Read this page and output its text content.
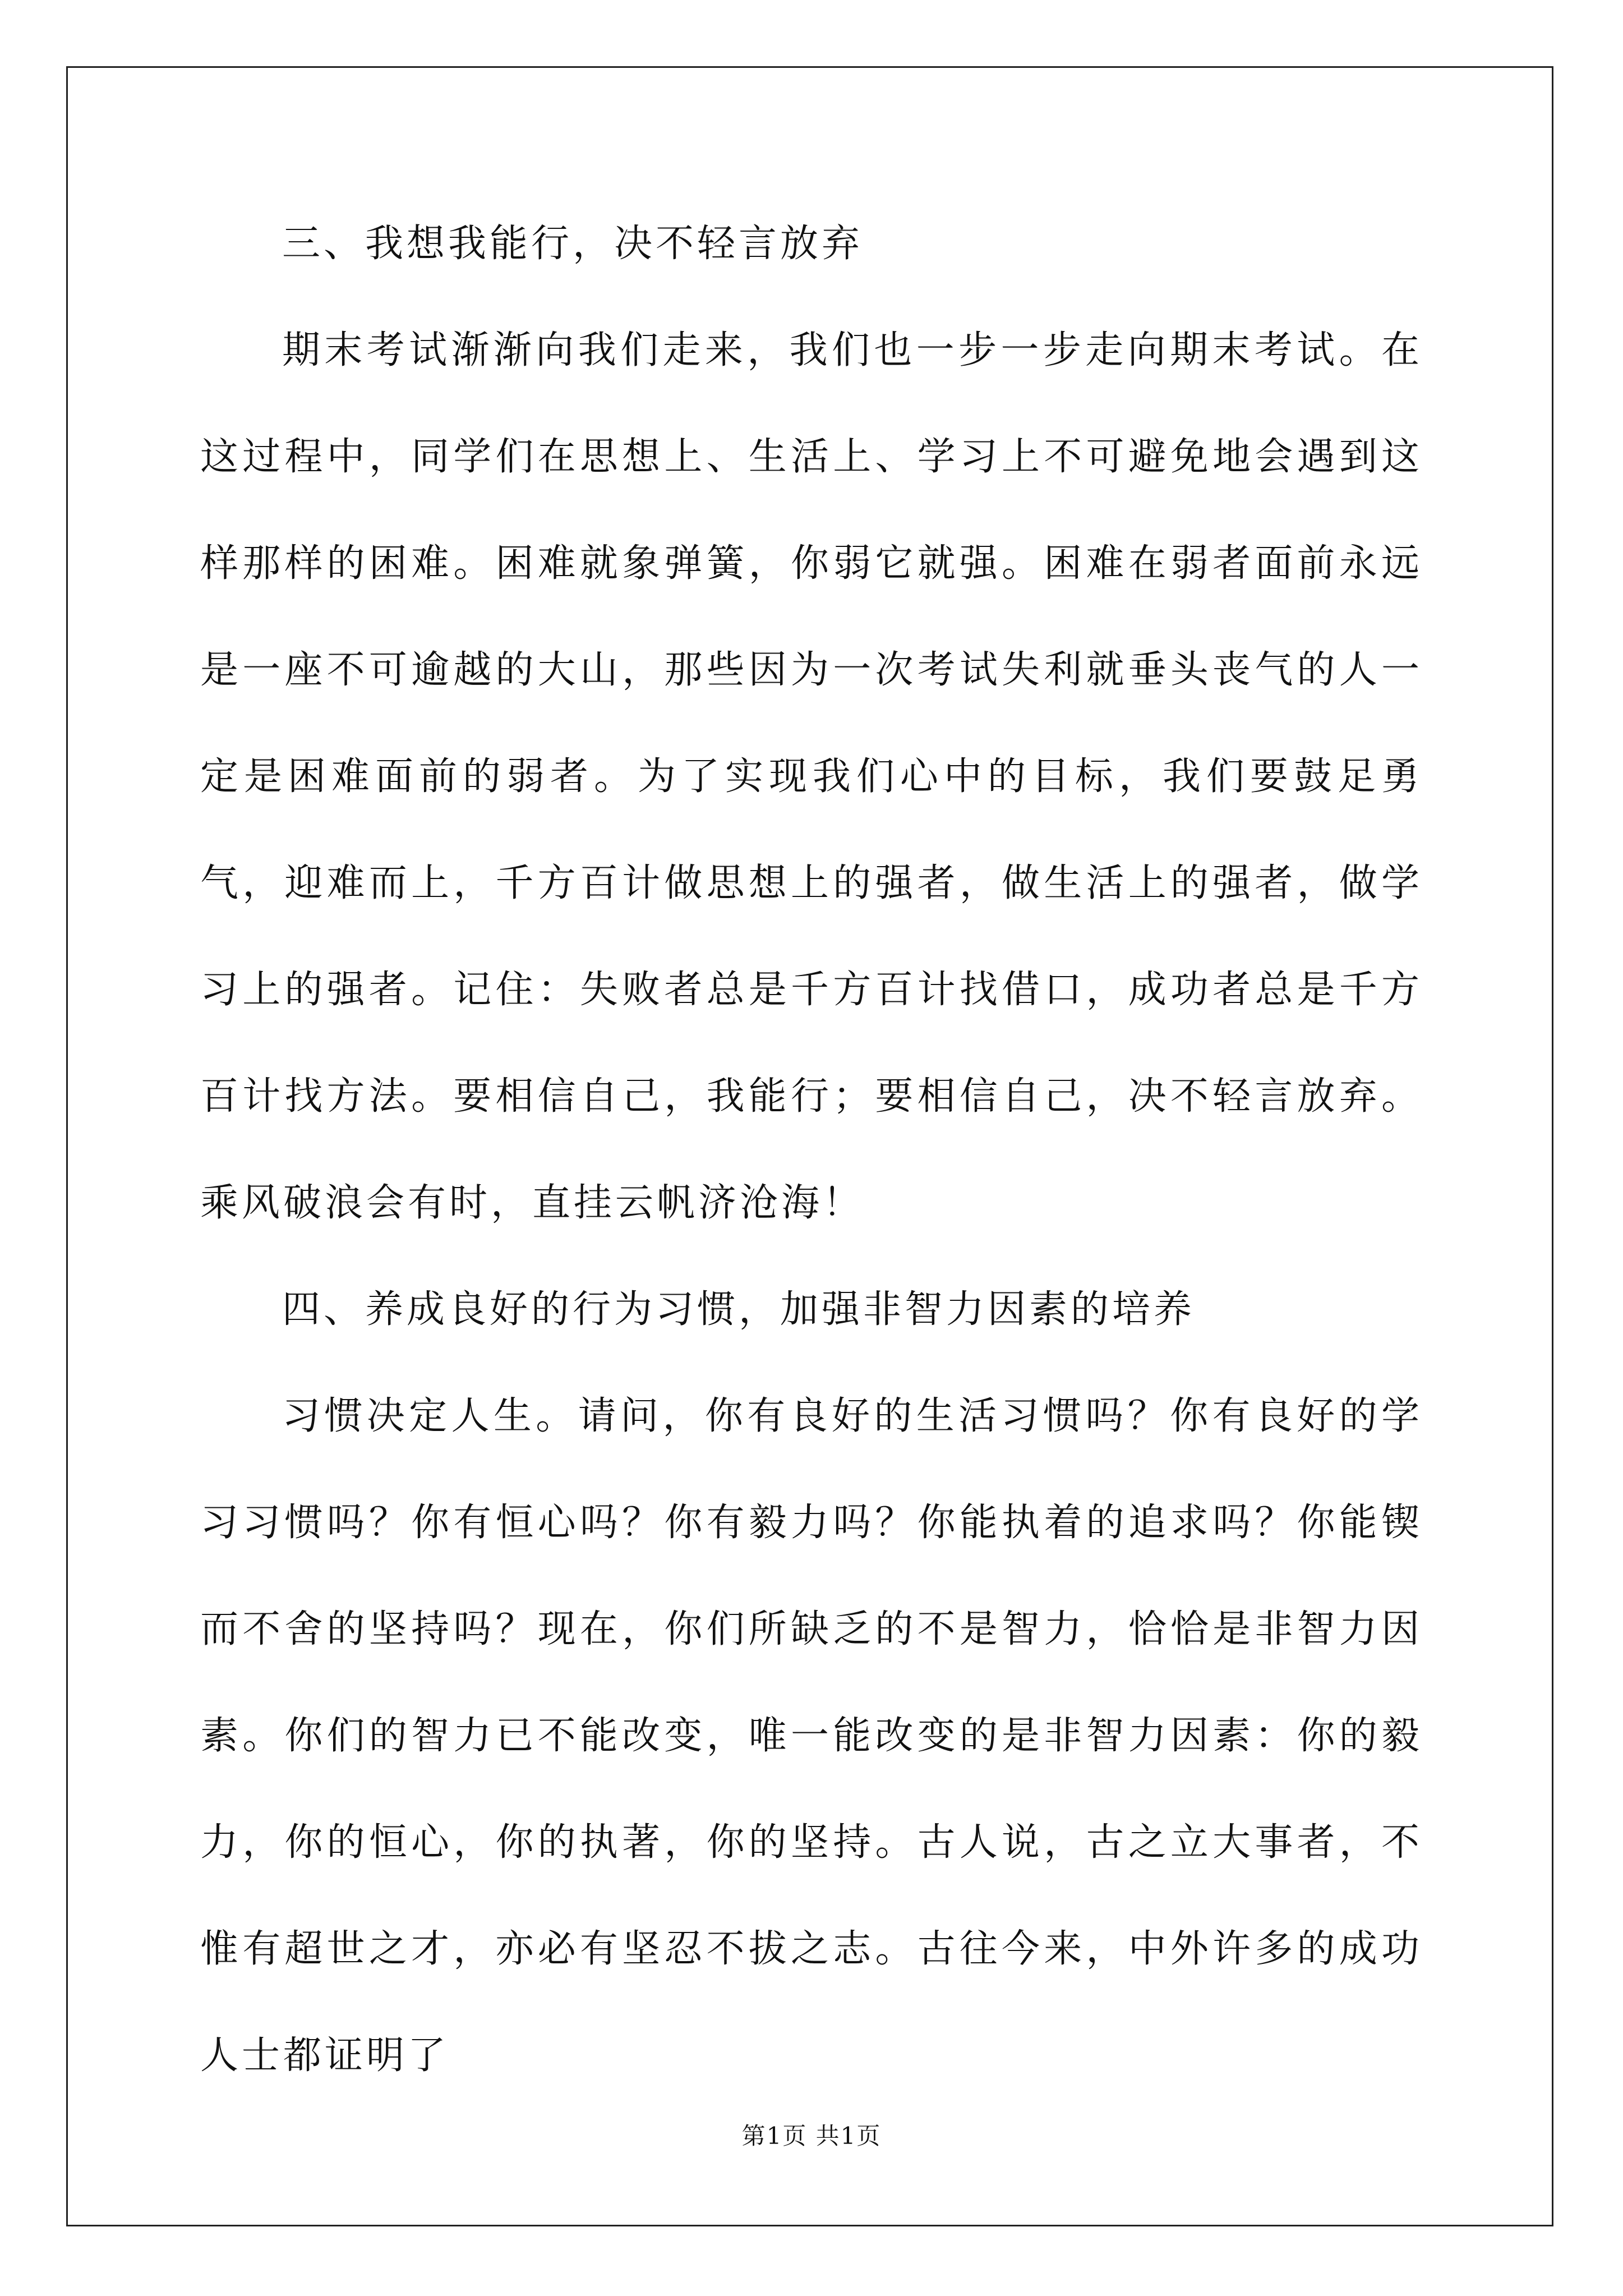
三、我想我能行，决不轻言放弃

期末考试渐渐向我们走来，我们也一步一步走向期末考试。在这过程中，同学们在思想上、生活上、学习上不可避免地会遇到这样那样的困难。困难就象弹簧，你弱它就强。困难在弱者面前永远是一座不可逾越的大山，那些因为一次考试失利就垂头丧气的人一定是困难面前的弱者。为了实现我们心中的目标，我们要鼓足勇气，迎难而上，千方百计做思想上的强者，做生活上的强者，做学习上的强者。记住：失败者总是千方百计找借口，成功者总是千方百计找方法。要相信自己，我能行；要相信自己，决不轻言放弃。乘风破浪会有时，直挂云帆济沧海！

四、养成良好的行为习惯，加强非智力因素的培养

习惯决定人生。请问，你有良好的生活习惯吗？你有良好的学习习惯吗？你有恒心吗？你有毅力吗？你能执着的追求吗？你能锲而不舍的坚持吗？现在，你们所缺乏的不是智力，恰恰是非智力因素。你们的智力已不能改变，唯一能改变的是非智力因素：你的毅力，你的恒心，你的执著，你的坚持。古人说，古之立大事者，不惟有超世之才，亦必有坚忍不拔之志。古往今来，中外许多的成功人士都证明了

第1页 共1页
